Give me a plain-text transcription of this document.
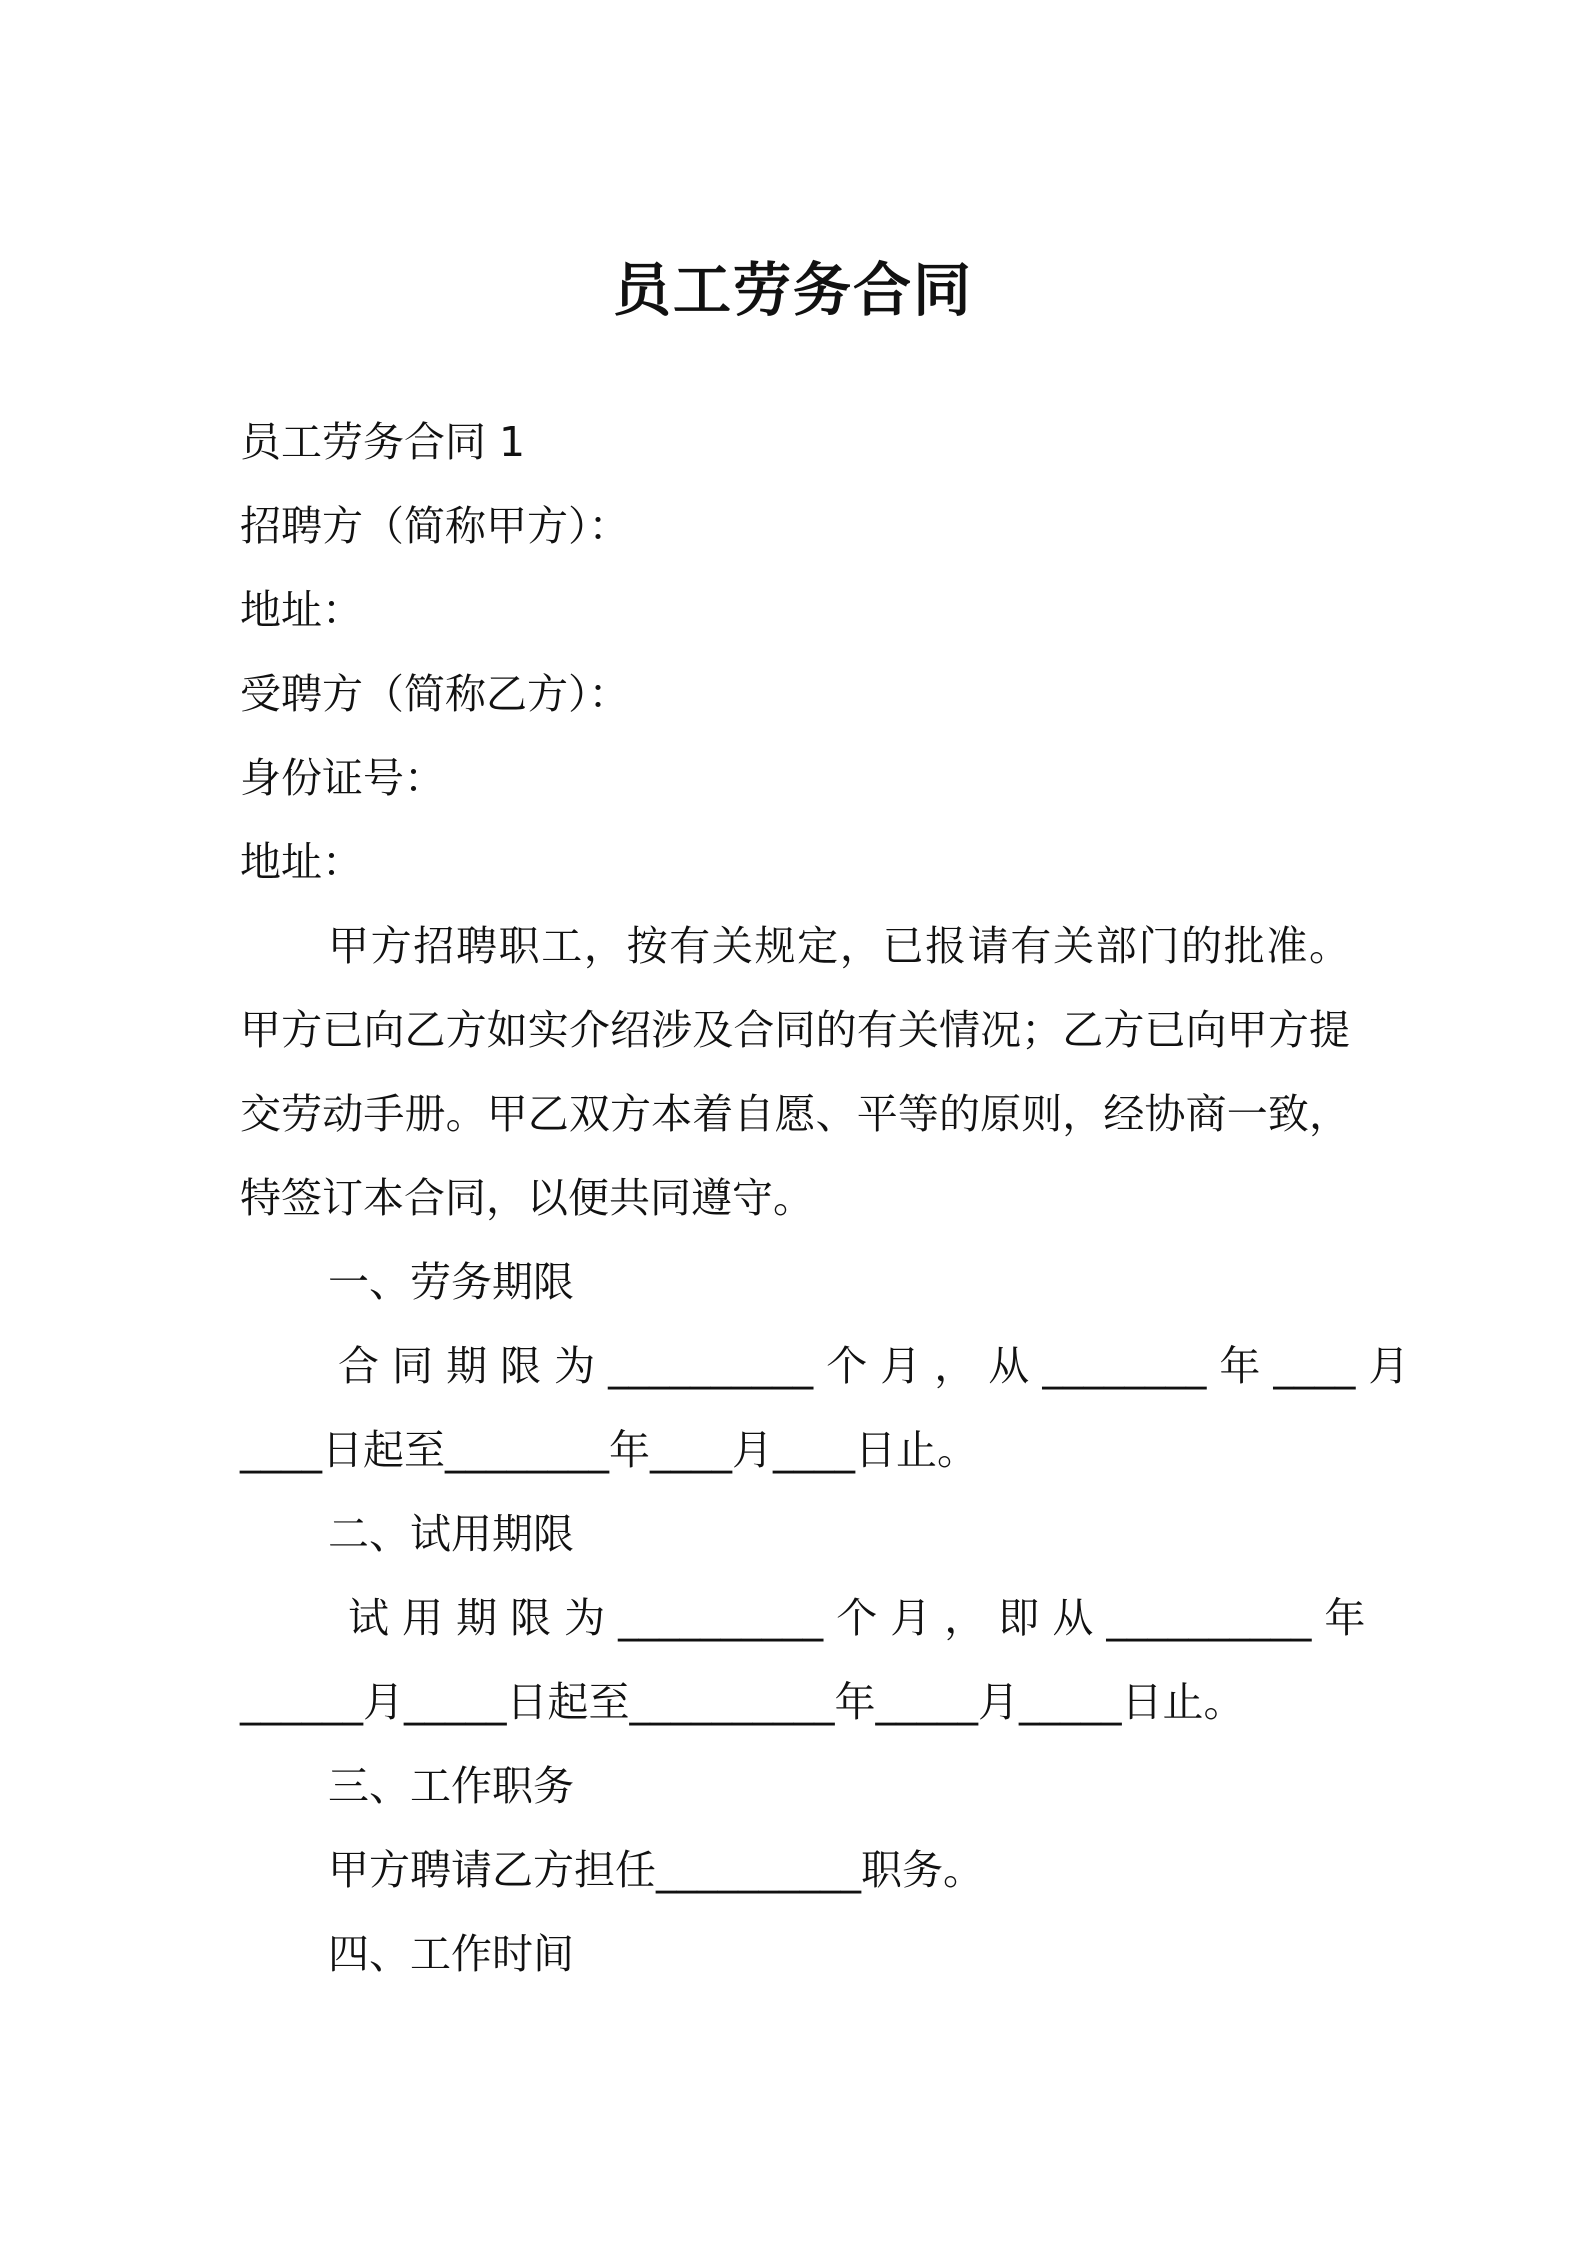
员工劳务合同
员工劳务合同 1
招聘方（简称甲方）：
地址：
受聘方（简称乙方）：
身份证号：
地址：
甲方招聘职工，按有关规定，已报请有关部门的批准。甲方已向乙方如实介绍涉及合同的有关情况；乙方已向甲方提交劳动手册。甲乙双方本着自愿、平等的原则，经协商一致，特签订本合同，以便共同遵守。
一、劳务期限
合 同 期 限 为 __________ 个 月 ， 从 ________ 年 ____ 月
____日起至________年____月____日止。
二、试用期限
试 用 期 限 为 __________ 个 月 ， 即 从 __________ 年
______月_____日起至__________年_____月_____日止。
三、工作职务
甲方聘请乙方担任__________职务。
四、工作时间
